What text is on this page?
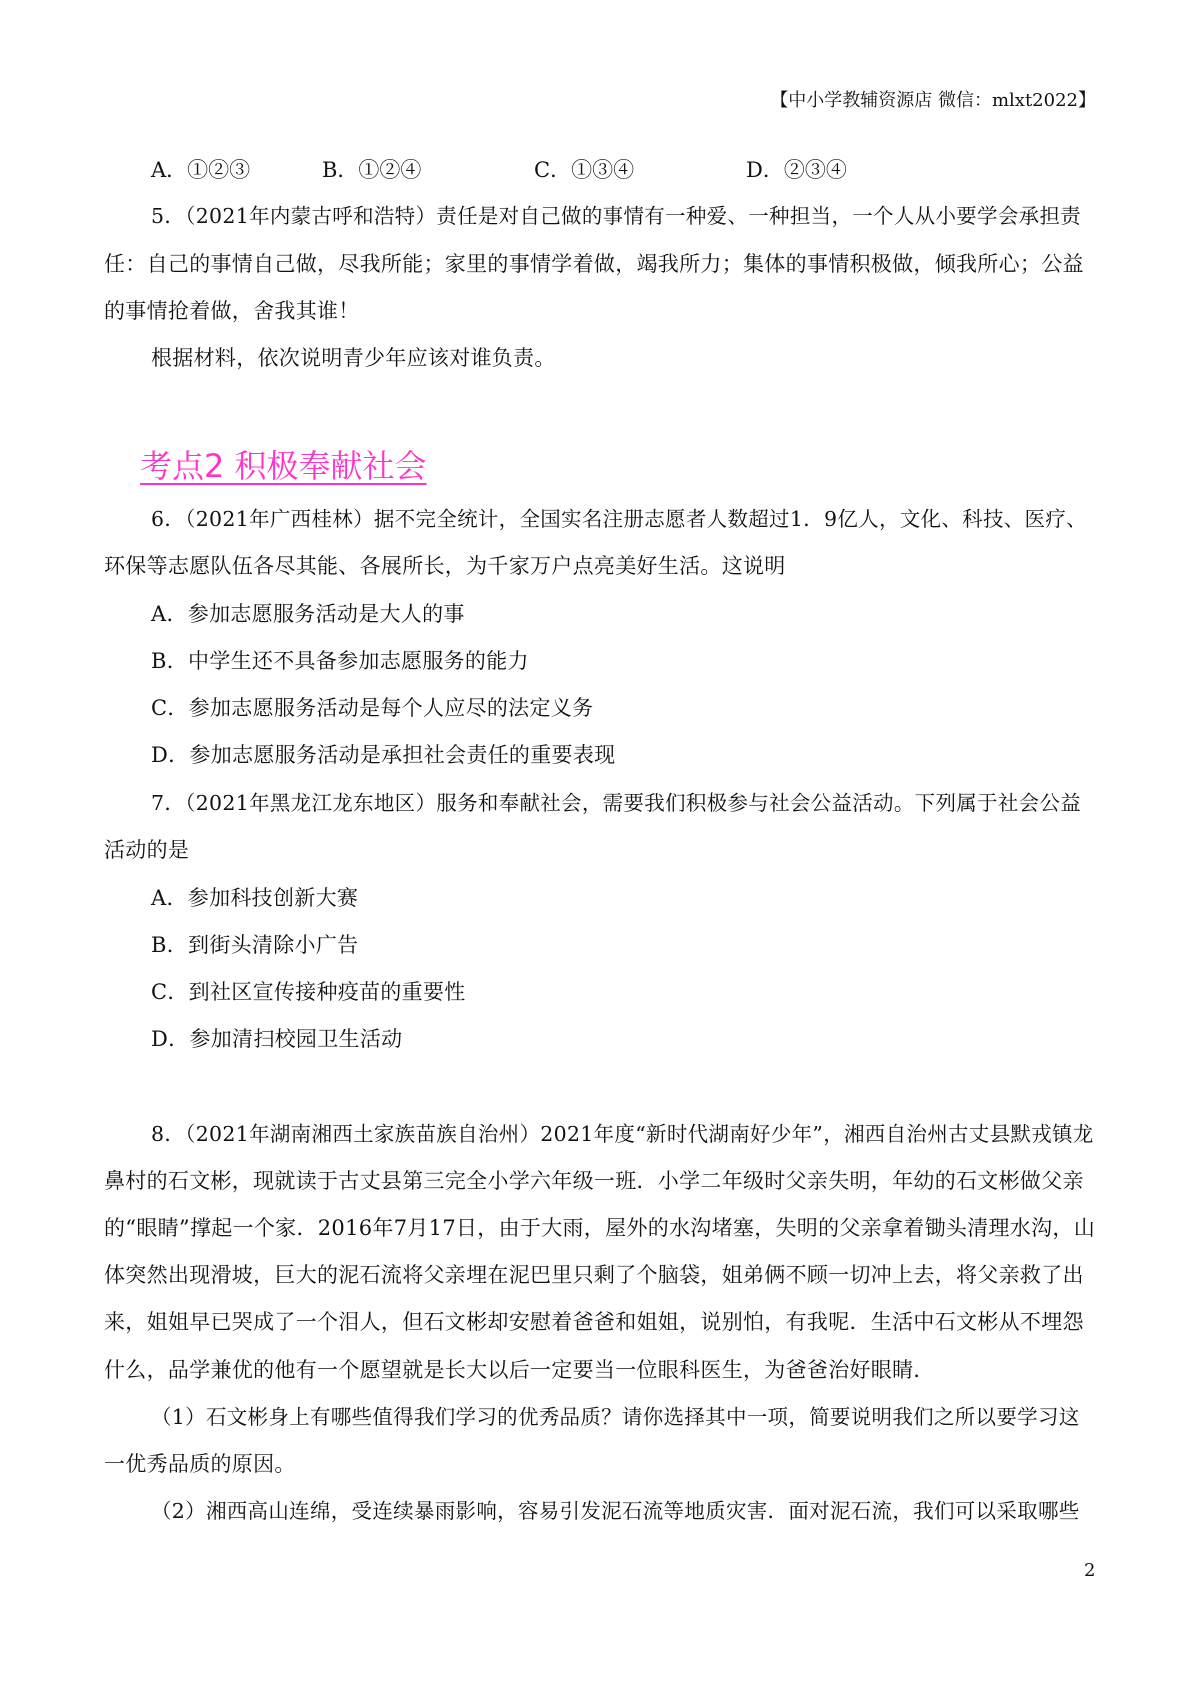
【中小学教辅资源店 微信：mlxt2022】
A．①②③	B．①②④	C．①③④	D．②③④
5．（2021年内蒙古呼和浩特）责任是对自己做的事情有一种爱、一种担当，一个人从小要学会承担责
任：自己的事情自己做，尽我所能；家里的事情学着做，竭我所力；集体的事情积极做，倾我所心；公益
的事情抢着做，舍我其谁！
根据材料，依次说明青少年应该对谁负责。
考点2 积极奉献社会
6．（2021年广西桂林）据不完全统计，全国实名注册志愿者人数超过1．9亿人，文化、科技、医疗、
环保等志愿队伍各尽其能、各展所长，为千家万户点亮美好生活。这说明
A．参加志愿服务活动是大人的事
B．中学生还不具备参加志愿服务的能力
C．参加志愿服务活动是每个人应尽的法定义务
D．参加志愿服务活动是承担社会责任的重要表现
7．（2021年黑龙江龙东地区）服务和奉献社会，需要我们积极参与社会公益活动。下列属于社会公益
活动的是
A．参加科技创新大赛
B．到街头清除小广告
C．到社区宣传接种疫苗的重要性
D．参加清扫校园卫生活动
8．（2021年湖南湘西土家族苗族自治州）2021年度“新时代湖南好少年”，湘西自治州古丈县默戎镇龙
鼻村的石文彬，现就读于古丈县第三完全小学六年级一班．小学二年级时父亲失明，年幼的石文彬做父亲
的“眼睛”撑起一个家．2016年7月17日，由于大雨，屋外的水沟堵塞，失明的父亲拿着锄头清理水沟，山
体突然出现滑坡，巨大的泥石流将父亲埋在泥巴里只剩了个脑袋，姐弟俩不顾一切冲上去，将父亲救了出
来，姐姐早已哭成了一个泪人，但石文彬却安慰着爸爸和姐姐，说别怕，有我呢．生活中石文彬从不埋怨
什么，品学兼优的他有一个愿望就是长大以后一定要当一位眼科医生，为爸爸治好眼睛．
（1）石文彬身上有哪些值得我们学习的优秀品质？请你选择其中一项，简要说明我们之所以要学习这
一优秀品质的原因。
（2）湘西高山连绵，受连续暴雨影响，容易引发泥石流等地质灾害．面对泥石流，我们可以采取哪些
2
